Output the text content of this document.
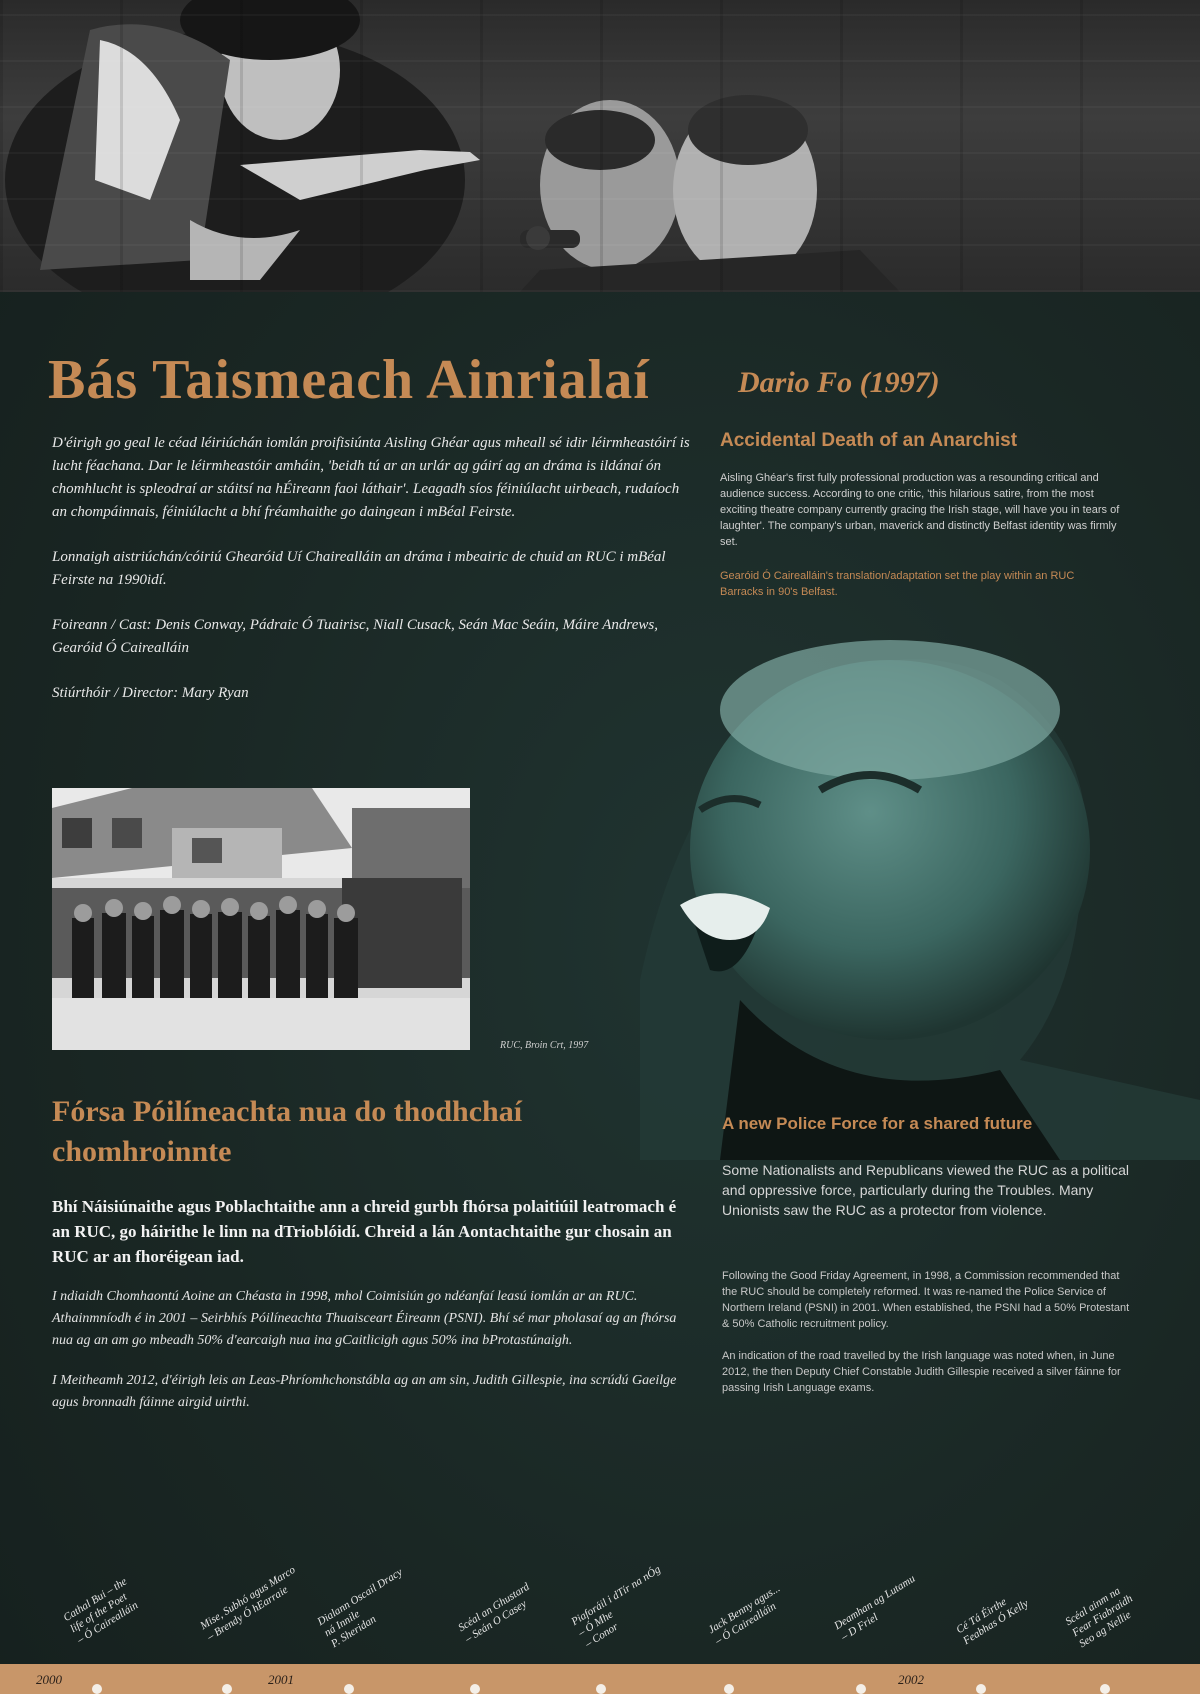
Bás Taismeach Ainrialaí	Dario Fo (1997)

D'éirigh go geal le céad léiriúchán iomlán proifisiúnta Aisling Ghéar agus mheall sé idir léirmheastóirí is lucht féachana. Dar le léirmheastóir amháin, 'beidh tú ar an urlár ag gáirí ag an dráma is ildánaí ón chomhlucht is spleodraí ar stáitsí na hÉireann faoi láthair'. Leagadh síos féiniúlacht uirbeach, rudaíoch an chompáinnais, féiniúlacht a bhí fréamhaithe go daingean i mBéal Feirste.

Lonnaigh aistriúchán/cóiriú Ghearóid Uí Chairealláin an dráma i mbeairic de chuid an RUC i mBéal Feirste na 1990idí.

Foireann / Cast: Denis Conway, Pádraic Ó Tuairisc, Niall Cusack, Seán Mac Seáin, Máire Andrews, Gearóid Ó Cairealláin

Stiúrthóir / Director: Mary Ryan

Accidental Death of an Anarchist

Aisling Ghéar's first fully professional production was a resounding critical and audience success. According to one critic, 'this hilarious satire, from the most exciting theatre company currently gracing the Irish stage, will have you in tears of laughter'. The company's urban, maverick and distinctly Belfast identity was firmly set.

Gearóid Ó Cairealláin's translation/adaptation set the play within an RUC Barracks in 90's Belfast.

RUC, Broin Crt, 1997
Fórsa Póilíneachta nua do thodhchaí chomhroinnte

Bhí Náisiúnaithe agus Poblachtaithe ann a chreid gurbh fhórsa polaitiúil leatromach é an RUC, go háirithe le linn na dTrioblóidí. Chreid a lán Aontachtaithe gur chosain an RUC ar an fhoréigean iad.

I ndiaidh Chomhaontú Aoine an Chéasta in 1998, mhol Coimisiún go ndéanfaí leasú iomlán ar an RUC. Athainmníodh é in 2001 – Seirbhís Póilíneachta Thuaisceart Éireann (PSNI). Bhí sé mar pholasaí ag an fhórsa nua ag an am go mbeadh 50% d'earcaigh nua ina gCaitlicigh agus 50% ina bProtastúnaigh.

I Meitheamh 2012, d'éirigh leis an Leas-Phríomhchonstábla ag an am sin, Judith Gillespie, ina scrúdú Gaeilge agus bronnadh fáinne airgid uirthi.

A new Police Force for a shared future

Some Nationalists and Republicans viewed the RUC as a political and oppressive force, particularly during the Troubles. Many Unionists saw the RUC as a protector from violence.

Following the Good Friday Agreement, in 1998, a Commission recommended that the RUC should be completely reformed. It was re-named the Police Service of Northern Ireland (PSNI) in 2001. When established, the PSNI had a 50% Protestant & 50% Catholic recruitment policy.

An indication of the road travelled by the Irish language was noted when, in June 2012, the then Deputy Chief Constable Judith Gillespie received a silver fáinne for passing Irish Language exams.

Cathal Bui – the
life of the Poet
– Ó Cairealláin	Mise, Subhó agus Marco
– Brendy Ó hEarraie	Dialann Oscail Dracy
ná Innile
P. Sheridan	Scéal an Ghustard
– Seán O Casey	Piaforáil i dTír na nÓg
– Ó Mhe
– Conor	Jack Benny agus...
– Ó Cairealláin	Deamhan ag Lutamu
– D Friel	Cé Tá Éirthe
Feabhas Ó Kelly	Scéal ainm na
Fear Fiabraidh
Seo ag Nellie
2000	2001	2002
